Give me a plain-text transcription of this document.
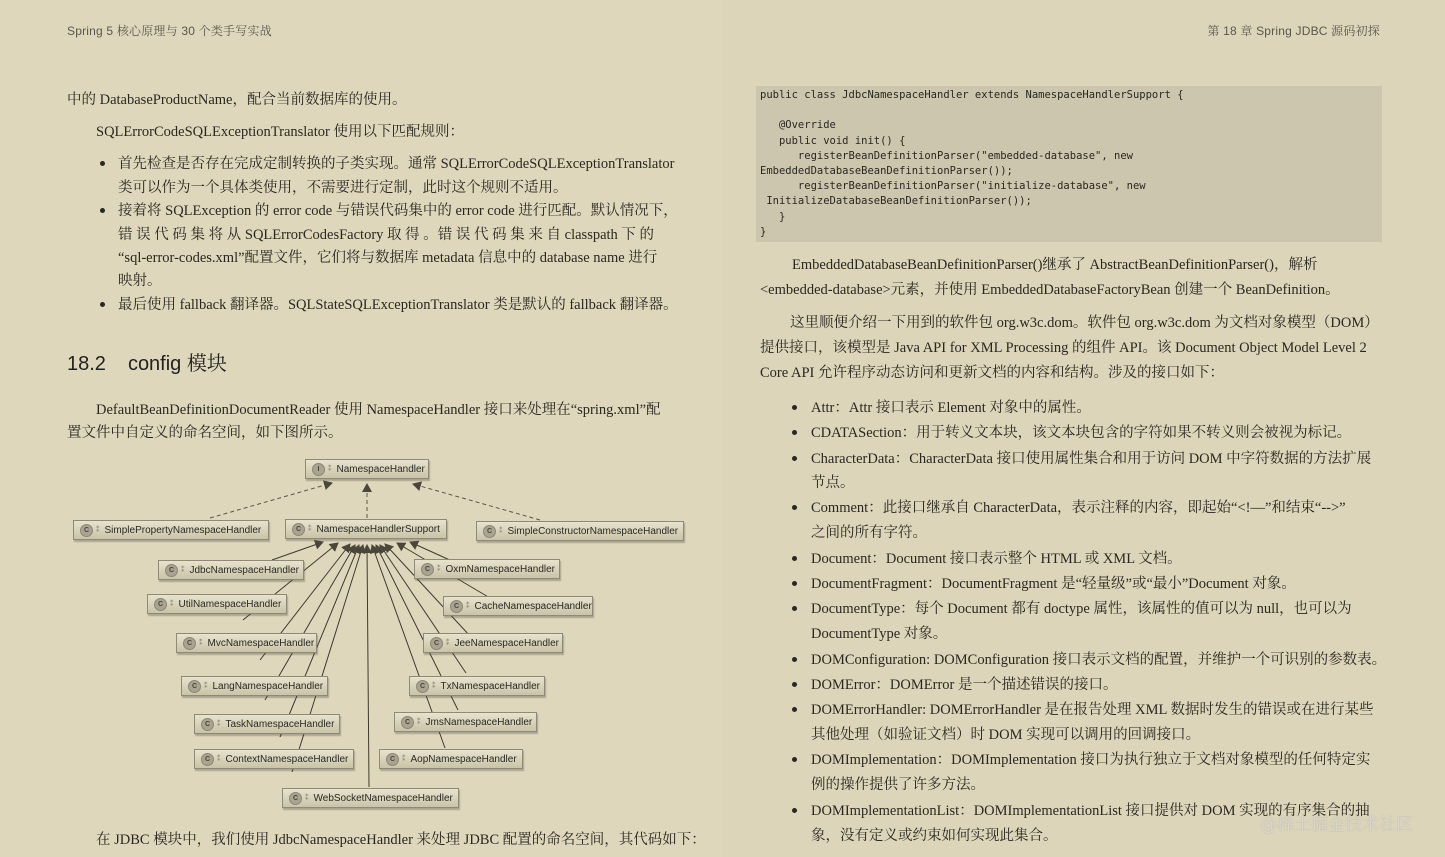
Spring 5 核心原理与 30 个类手写实战
中的 DatabaseProductName，配合当前数据库的使用。
SQLErrorCodeSQLExceptionTranslator 使用以下匹配规则：
首先检查是否存在完成定制转换的子类实现。通常 SQLErrorCodeSQLExceptionTranslator
类可以作为一个具体类使用，不需要进行定制，此时这个规则不适用。
接着将 SQLException 的 error code 与错误代码集中的 error code 进行匹配。默认情况下，
错 误 代 码 集 将 从 SQLErrorCodesFactory 取 得 。错 误 代 码 集 来 自 classpath 下 的
“sql-error-codes.xml”配置文件，它们将与数据库 metadata 信息中的 database name 进行
映射。
最后使用 fallback 翻译器。SQLStateSQLExceptionTranslator 类是默认的 fallback 翻译器。
18.2 config 模块
DefaultBeanDefinitionDocumentReader 使用 NamespaceHandler 接口来处理在“spring.xml”配
置文件中自定义的命名空间，如下图所示。
I	⁑ NamespaceHandler
C ⁑ SimplePropertyNamespaceHandler	C ⁑ NamespaceHandlerSupport	C ⁑ SimpleConstructorNamespaceHandler
C ⁑ JdbcNamespaceHandler	C ⁑ OxmNamespaceHandler
C ⁑ UtilNamespaceHandler	C ⁑ CacheNamespaceHandler
C ⁑ MvcNamespaceHandler	C ⁑ JeeNamespaceHandler
C ⁑ LangNamespaceHandler	C ⁑ TxNamespaceHandler
C ⁑ TaskNamespaceHandler	C ⁑ JmsNamespaceHandler
C ⁑ ContextNamespaceHandler	C ⁑ AopNamespaceHandler
C ⁑ WebSocketNamespaceHandler
在 JDBC 模块中，我们使用 JdbcNamespaceHandler 来处理 JDBC 配置的命名空间，其代码如下：
第 18 章 Spring JDBC 源码初探
public class JdbcNamespaceHandler extends NamespaceHandlerSupport {
@Override
public void init() {
registerBeanDefinitionParser("embedded-database", new
EmbeddedDatabaseBeanDefinitionParser());
registerBeanDefinitionParser("initialize-database", new
InitializeDatabaseBeanDefinitionParser());
}
}
EmbeddedDatabaseBeanDefinitionParser()继承了 AbstractBeanDefinitionParser()，解析
<embedded-database>元素，并使用 EmbeddedDatabaseFactoryBean 创建一个 BeanDefinition。
这里顺便介绍一下用到的软件包 org.w3c.dom。软件包 org.w3c.dom 为文档对象模型（DOM）
提供接口，该模型是 Java API for XML Processing 的组件 API。该 Document Object Model Level 2
Core API 允许程序动态访问和更新文档的内容和结构。涉及的接口如下：
Attr：Attr 接口表示 Element 对象中的属性。
CDATASection：用于转义文本块，该文本块包含的字符如果不转义则会被视为标记。
CharacterData：CharacterData 接口使用属性集合和用于访问 DOM 中字符数据的方法扩展
节点。
Comment：此接口继承自 CharacterData，表示注释的内容，即起始“<!—”和结束“-->”
之间的所有字符。
Document：Document 接口表示整个 HTML 或 XML 文档。
DocumentFragment：DocumentFragment 是“轻量级”或“最小”Document 对象。
DocumentType：每个 Document 都有 doctype 属性，该属性的值可以为 null，也可以为
DocumentType 对象。
DOMConfiguration: DOMConfiguration 接口表示文档的配置，并维护一个可识别的参数表。
DOMError：DOMError 是一个描述错误的接口。
DOMErrorHandler: DOMErrorHandler 是在报告处理 XML 数据时发生的错误或在进行某些
其他处理（如验证文档）时 DOM 实现可以调用的回调接口。
DOMImplementation：DOMImplementation 接口为执行独立于文档对象模型的任何特定实
例的操作提供了许多方法。
DOMImplementationList：DOMImplementationList 接口提供对 DOM 实现的有序集合的抽
象，没有定义或约束如何实现此集合。
@稀土掘金技术社区
